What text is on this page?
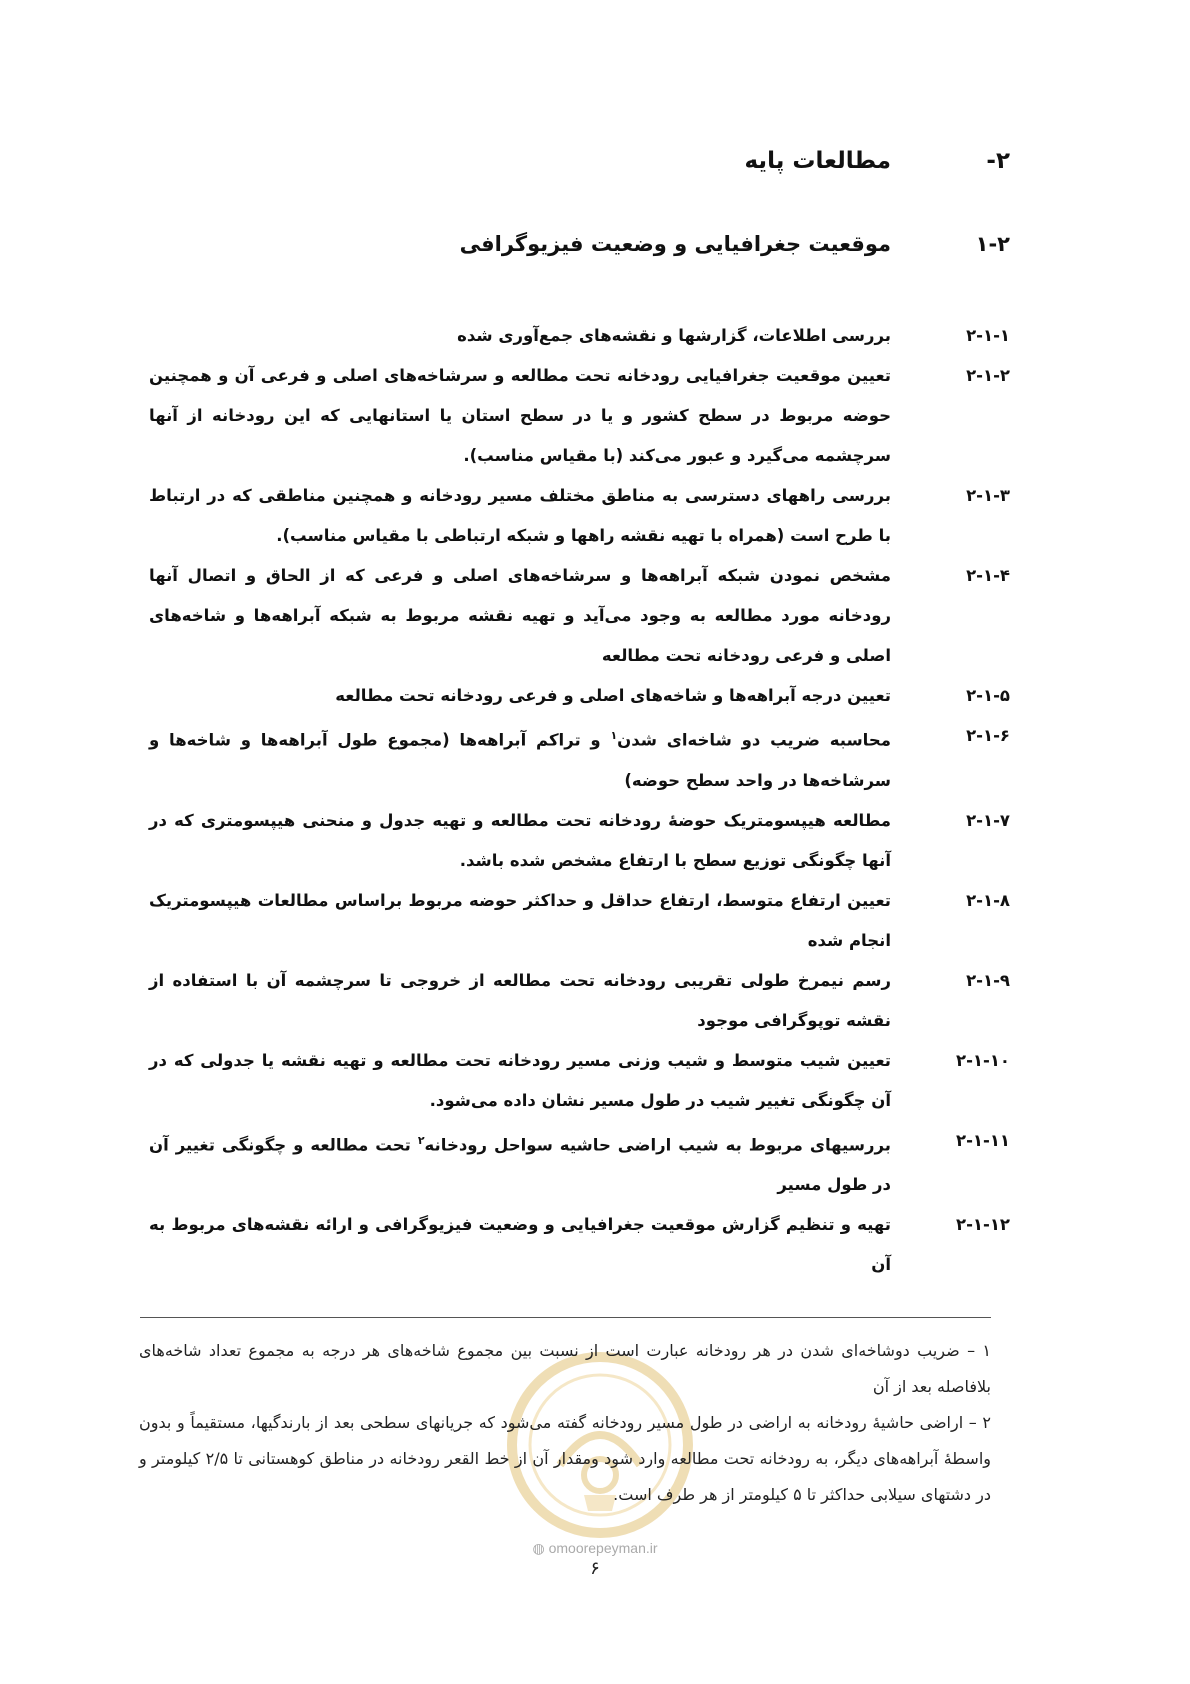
۲-
مطالعات پایه
۱-۲
موقعیت جغرافیایی و وضعیت فیزیوگرافی
۲-۱-۱
بررسی اطلاعات، گزارشها و نقشه‌های جمع‌آوری شده
۲-۱-۲
تعیین موقعیت جغرافیایی رودخانه تحت مطالعه و سرشاخه‌های اصلی و فرعی آن و همچنین حوضه مربوط در سطح کشور و یا در سطح استان یا استانهایی که این رودخانه از آنها سرچشمه می‌گیرد و عبور می‌کند (با مقیاس مناسب).
۲-۱-۳
بررسی راههای دسترسی به مناطق مختلف مسیر رودخانه و همچنین مناطقی که در ارتباط با طرح است (همراه با تهیه نقشه راهها و شبکه ارتباطی با مقیاس مناسب).
۲-۱-۴
مشخص نمودن شبکه آبراهه‌ها و سرشاخه‌های اصلی و فرعی که از الحاق و اتصال آنها رودخانه مورد مطالعه به وجود می‌آید و تهیه نقشه مربوط به شبکه آبراهه‌ها و شاخه‌های اصلی و فرعی رودخانه تحت مطالعه
۲-۱-۵
تعیین درجه آبراهه‌ها و شاخه‌های اصلی و فرعی رودخانه تحت مطالعه
۲-۱-۶
محاسبه ضریب دو شاخه‌ای شدن$^۱$ و تراکم آبراهه‌ها (مجموع طول آبراهه‌ها و شاخه‌ها و سرشاخه‌ها در واحد سطح حوضه)
۲-۱-۷
مطالعه هیپسومتریک حوضهٔ رودخانه تحت مطالعه و تهیه جدول و منحنی هیپسومتری که در آنها چگونگی توزیع سطح با ارتفاع مشخص شده باشد.
۲-۱-۸
تعیین ارتفاع متوسط، ارتفاع حداقل و حداکثر حوضه مربوط براساس مطالعات هیپسومتریک انجام شده
۲-۱-۹
رسم نیمرخ طولی تقریبی رودخانه تحت مطالعه از خروجی تا سرچشمه آن با استفاده از نقشه توپوگرافی موجود
۲-۱-۱۰
تعیین شیب متوسط و شیب وزنی مسیر رودخانه تحت مطالعه و تهیه نقشه یا جدولی که در آن چگونگی تغییر شیب در طول مسیر نشان داده می‌شود.
۲-۱-۱۱
بررسیهای مربوط به شیب اراضی حاشیه سواحل رودخانه$^۲$ تحت مطالعه و چگونگی تغییر آن در طول مسیر
۲-۱-۱۲
تهیه و تنظیم گزارش موقعیت جغرافیایی و وضعیت فیزیوگرافی و ارائه نقشه‌های مربوط به آن

۱ – ضریب دوشاخه‌ای شدن در هر رودخانه عبارت است از نسبت بین مجموع شاخه‌های هر درجه به مجموع تعداد شاخه‌های بلافاصله بعد از آن

۲ – اراضی حاشیهٔ رودخانه به اراضی در طول مسیر رودخانه گفته می‌شود که جریانهای سطحی بعد از بارندگیها، مستقیماً و بدون واسطهٔ آبراهه‌های دیگر، به رودخانه تحت مطالعه وارد شود ومقدار آن از خط القعر رودخانه در مناطق کوهستانی تا ۲/۵ کیلومتر و در دشتهای سیلابی حداکثر تا ۵ کیلومتر از هر طرف است.

◍ omoorepeyman.ir
۶
